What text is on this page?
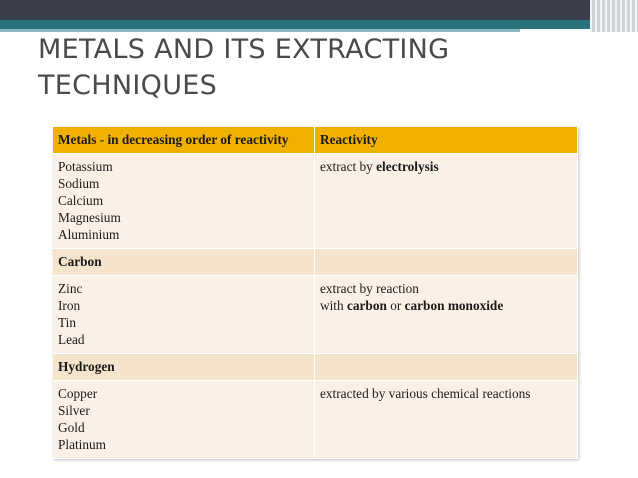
METALS AND ITS EXTRACTING
TECHNIQUES
Metals - in decreasing order of reactivity	Reactivity

Potassium
Sodium
Calcium
Magnesium
Aluminium	extract by electrolysis
Carbon	

Zinc
Iron
Tin
Lead	extract by reaction
with carbon or carbon monoxide

Hydrogen	

Copper
Silver
Gold
Platinum	extracted by various chemical reactions
